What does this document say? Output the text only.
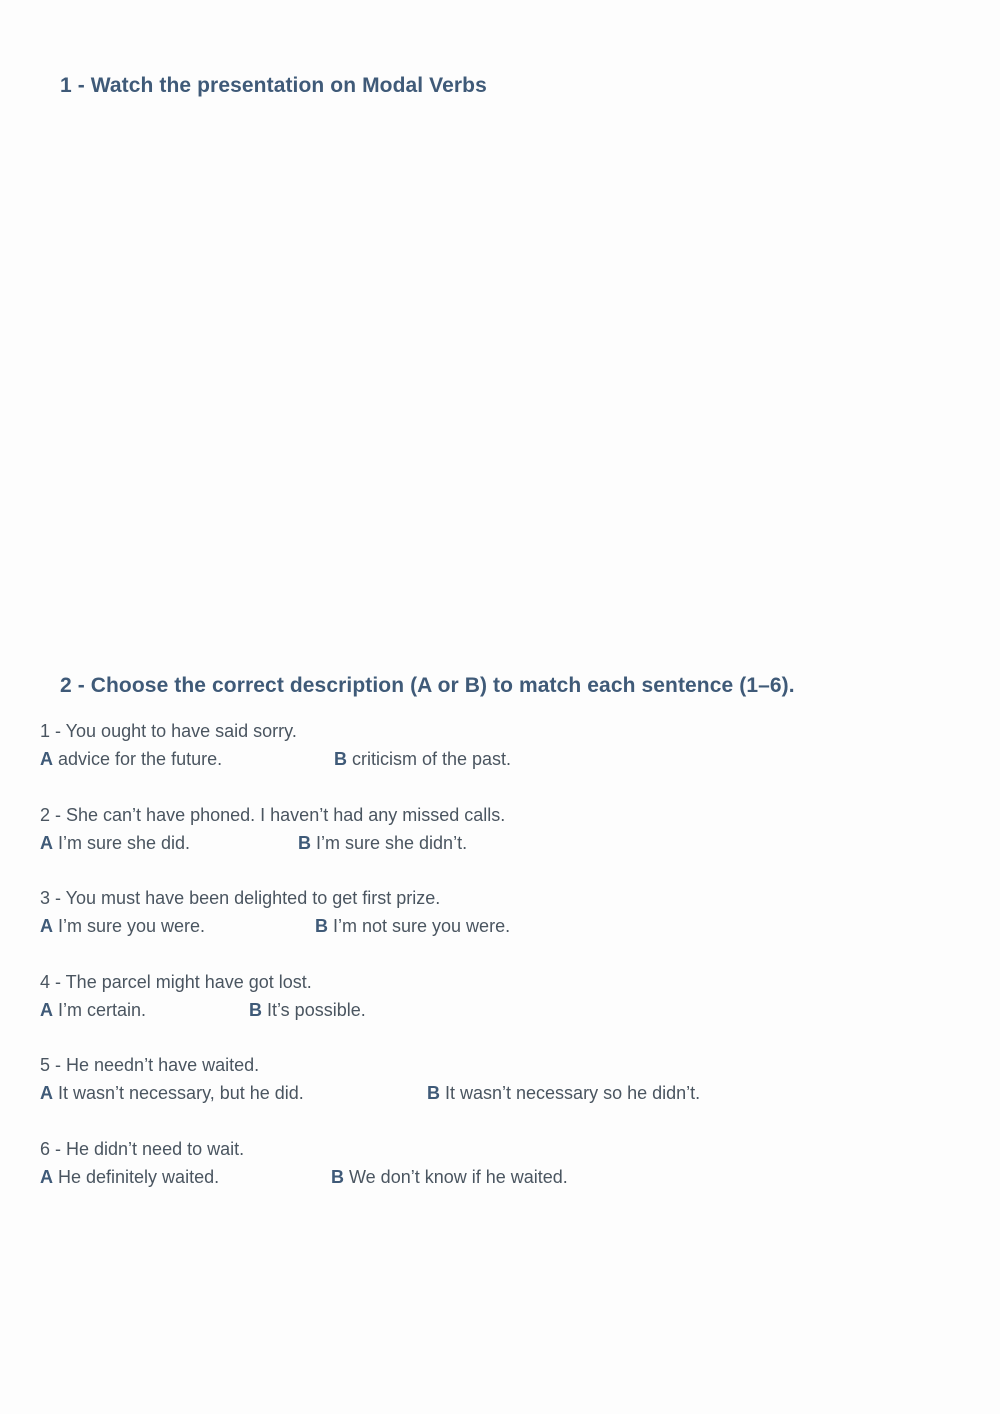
1 - Watch the presentation on Modal Verbs
2 - Choose the correct description (A or B) to match each sentence (1–6).
1 - You ought to have said sorry.
A advice for the future.	B criticism of the past.
2 - She can’t have phoned. I haven’t had any missed calls.
A I’m sure she did.	B I’m sure she didn’t.
3 - You must have been delighted to get first prize.
A I’m sure you were.	B I’m not sure you were.
4 - The parcel might have got lost.
A I’m certain.	B It’s possible.
5 - He needn’t have waited.
A It wasn’t necessary, but he did.	B It wasn’t necessary so he didn’t.
6 - He didn’t need to wait.
A He definitely waited.	B We don’t know if he waited.
